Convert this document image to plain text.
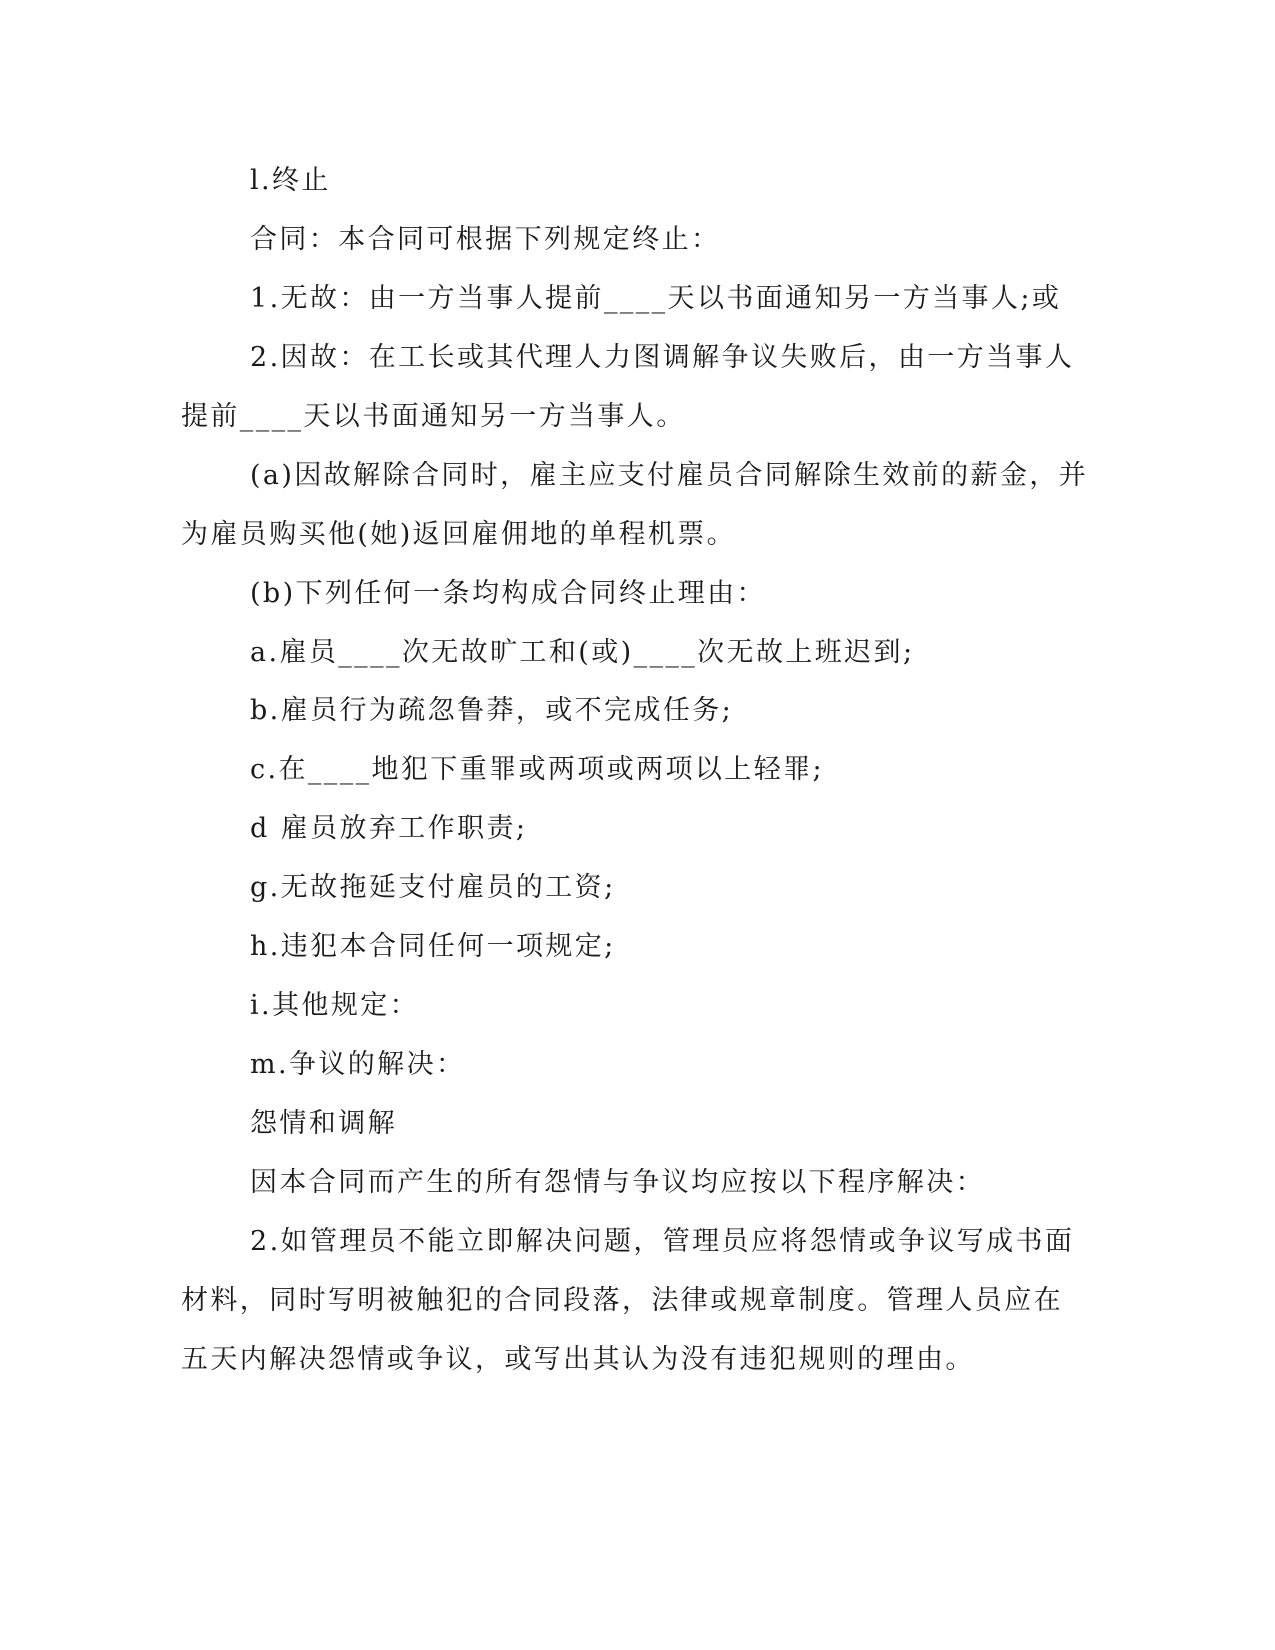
l.终止
合同：本合同可根据下列规定终止：
1.无故：由一方当事人提前____天以书面通知另一方当事人;或
2.因故：在工长或其代理人力图调解争议失败后，由一方当事人
提前____天以书面通知另一方当事人。
(a)因故解除合同时，雇主应支付雇员合同解除生效前的薪金，并
为雇员购买他(她)返回雇佣地的单程机票。
(b)下列任何一条均构成合同终止理由：
a.雇员____次无故旷工和(或)____次无故上班迟到;
b.雇员行为疏忽鲁莽，或不完成任务;
c.在____地犯下重罪或两项或两项以上轻罪;
d 雇员放弃工作职责;
g.无故拖延支付雇员的工资;
h.违犯本合同任何一项规定;
i.其他规定：
m.争议的解决：
怨情和调解
因本合同而产生的所有怨情与争议均应按以下程序解决：
2.如管理员不能立即解决问题，管理员应将怨情或争议写成书面
材料，同时写明被触犯的合同段落，法律或规章制度。管理人员应在
五天内解决怨情或争议，或写出其认为没有违犯规则的理由。
